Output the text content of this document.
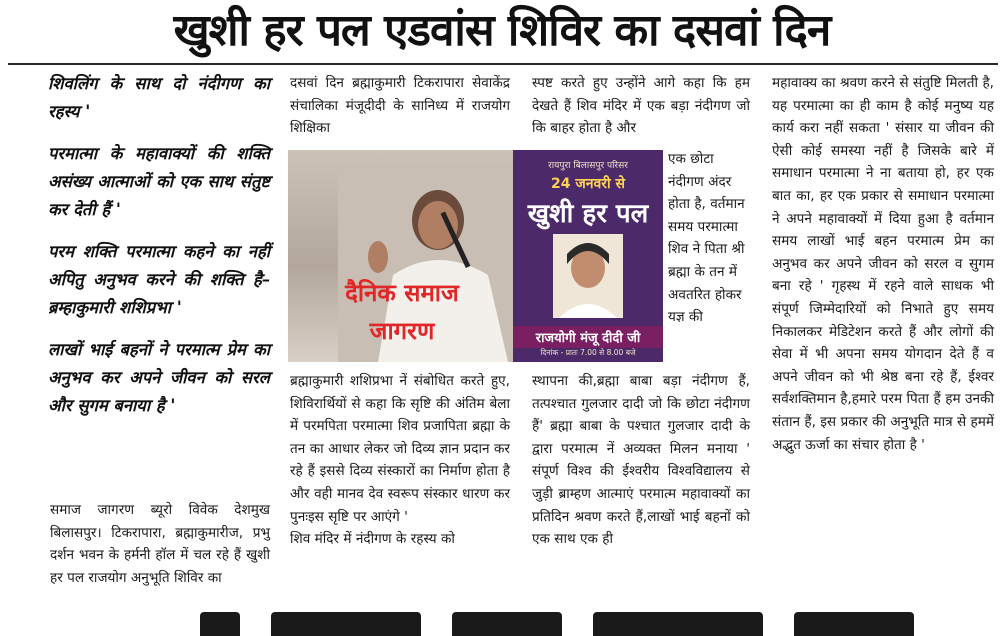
खुशी हर पल एडवांस शिविर का दसवां दिन

शिवलिंग के साथ दो नंदीगण का रहस्य '

परमात्मा के महावाक्यों की शक्ति असंख्य आत्माओं को एक साथ संतुष्ट कर देती हैं '

परम शक्ति परमात्मा कहने का नहीं अपितु अनुभव करने की शक्ति है– ब्रम्हाकुमारी शशिप्रभा '

लाखों भाई बहनों ने परमात्म प्रेम का अनुभव कर अपने जीवन को सरल और सुगम बनाया है '

समाज जागरण ब्यूरो विवेक देशमुख बिलासपुर। टिकरापारा, ब्रह्माकुमारीज, प्रभु दर्शन भवन के हर्मनी हॉल में चल रहे हैं खुशी हर पल राजयोग अनुभूति शिविर का

दसवां दिन ब्रह्माकुमारी टिकरापारा सेवाकेंद्र संचालिका मंजूदीदी के सानिध्य में राजयोग शिक्षिका

दैनिक समाज
जागरण
रायपुरा बिलासपुर परिसर
24 जनवरी से
खुशी हर पल
राजयोगी मंजू दीदी जी
दिनांक - प्रातः 7.00 से 8.00 बजे

ब्रह्माकुमारी शशिप्रभा नें संबोधित करते हुए, शिविरार्थियों से कहा कि सृष्टि की अंतिम बेला में परमपिता परमात्मा शिव प्रजापिता ब्रह्मा के तन का आधार लेकर जो दिव्य ज्ञान प्रदान कर रहे हैं इससे दिव्य संस्कारों का निर्माण होता है और वही मानव देव स्वरूप संस्कार धारण कर पुनःइस सृष्टि पर आएंगे '

शिव मंदिर में नंदीगण के रहस्य को

स्पष्ट करते हुए उन्होंने आगे कहा कि हम देखते हैं शिव मंदिर में एक बड़ा नंदीगण जो कि बाहर होता है और

एक छोटा नंदीगण अंदर होता है, वर्तमान समय परमात्मा शिव ने पिता श्री ब्रह्मा के तन में अवतरित होकर यज्ञ की

स्थापना की,ब्रह्मा बाबा बड़ा नंदीगण हैं, तत्पश्चात गुलजार दादी जो कि छोटा नंदीगण हैं' ब्रह्मा बाबा के पश्चात गुलजार दादी के द्वारा परमात्म नें अव्यक्त मिलन मनाया ' संपूर्ण विश्व की ईश्वरीय विश्वविद्यालय से जुड़ी ब्राम्हण आत्माएं परमात्म महावाक्यों का प्रतिदिन श्रवण करते हैं,लाखों भाई बहनों को एक साथ एक ही

महावाक्य का श्रवण करने से संतुष्टि मिलती है, यह परमात्मा का ही काम है कोई मनुष्य यह कार्य करा नहीं सकता ' संसार या जीवन की ऐसी कोई समस्या नहीं है जिसके बारे में समाधान परमात्मा ने ना बताया हो, हर एक बात का, हर एक प्रकार से समाधान परमात्मा ने अपने महावाक्यों में दिया हुआ है वर्तमान समय लाखों भाई बहन परमात्म प्रेम का अनुभव कर अपने जीवन को सरल व सुगम बना रहे ' गृहस्थ में रहने वाले साधक भी संपूर्ण जिम्मेदारियों को निभाते हुए समय निकालकर मेडिटेशन करते हैं और लोगों की सेवा में भी अपना समय योगदान देते हैं व अपने जीवन को भी श्रेष्ठ बना रहे हैं, ईश्वर सर्वशक्तिमान है,हमारे परम पिता हैं हम उनकी संतान हैं, इस प्रकार की अनुभूति मात्र से हममें अद्भुत ऊर्जा का संचार होता है '
